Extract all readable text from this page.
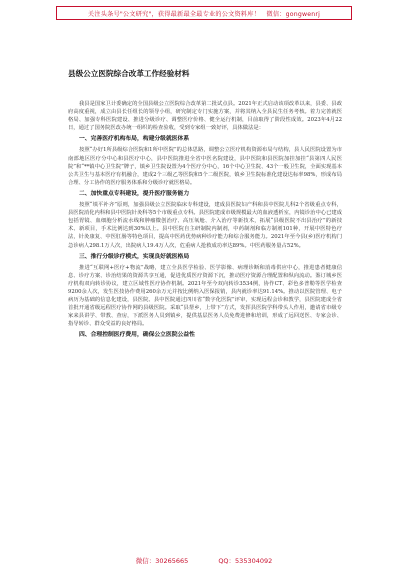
关注头条号"公文研究"，获得最新最全最专业的公文资料库！　微信：gongwenrj
县级公立医院综合改革工作经验材料

我县是国家卫计委确定的全国县级公立医院综合改革第二批试点县。2021年正式启动该项改革以来，县委、县政府高度重视，成立由县长任组长的领导小组，研究制定专门实施方案，并将其纳入全县民生任务考核。着力完善就医格局、加强专科医院建设、推进分级诊疗、调整医疗价格、健全运行机制，目前取得了阶段性成效。2023年4月22日，通过了国务院医改办统一组织的检查验收，受到专家组一致好评，具体做法是：

一、完善医疗机构布局，构建分级就医体系

按照“办好1所县级综合医院和1所中医院”的总体思路，调整公立医疗机构资源布局与结构，县人民医院设置为市南部地区医疗分中心和县医疗中心，县中医院推进全省中医名院建设，县中医院和县医院加挂加挂“县第四人民医院”和“**镇中心卫生院”牌子，镇乡卫生院设置为4个医疗分中心，16个中心卫生院、43个一般卫生院，全面实现基本公共卫生与基本医疗有机融合，建成2个三级乙等医院和5个二级医院，镇乡卫生院标准化建设达标率98%，形成布局合理、分工协作的医疗服务体系和分级诊疗就医格局。

二、加快重点专科建设，提升医疗服务能力

按照“填平补齐”原则，加强县级公立医院临床专科建设，建成县医院妇产科和县中医院儿科2个省级重点专科，县医院消化内科和县中医院针灸科等5个市级重点专科。县医院建成市级规模最大的血液透析室，内镜诊治中心已建成包括胃镜、血细胞分析流水线和肿瘤微创治疗、高压氧舱、介入治疗等新技术，拓展“县级医院不出县治疗”的新技术、新项目，手术比例达到30%以上。县中医院自主研制院内制剂，中药制剂和临方制剂101种，开展中医特色疗法，针灸康复、中医肛肠等特色项目，提高中医药优势病种诊疗能力和综合服务能力。2021年至今县(乡)医疗机构门急诊病人298.1万人次，出院病人19.4万人次，危重病人抢救成功率达89%。中医药服务量占52%。

三、推行分级诊疗模式，实现良好就医格局

推进“互联网+医疗+物流”战略，建立全县医学检验、医学影像、病理诊断和消毒供应中心，推进患者健康信息、诊疗方案、诊治结果的资源共享互通，促进优质医疗资源下沉，推动医疗资源合理配置和纵向流动。鉴订城乡医疗机构双向转诊协议，建立区域性医疗协作机制。2021年至今双向转诊3534例，协作CT、彩色多普勒等医学检查9200余人次，发生医技协作费用260余万元并按比例纳入医保报销，县内就诊率达91.14%。推动以医院管理、电子病历为基础的信息化建设，县医院、县中医院通过四川省“数字化医院”评审，实现远程会诊和教学，县医院建成全省首批开通省级远程医疗协作网的县级医院。采取“县帮乡，上带下”方式，发挥县医院学科带头人作用，邀请省市级专家来县讲学、带教、查房，下派医务人员到镇乡，提供基层医务人员免费进修和培训，形成了远回送医、专家会诊、指导转诊、群众受益的良好格局。

四、合理控制医疗费用，确保公立医院公益性

微信：30265665	QQ：535304092
